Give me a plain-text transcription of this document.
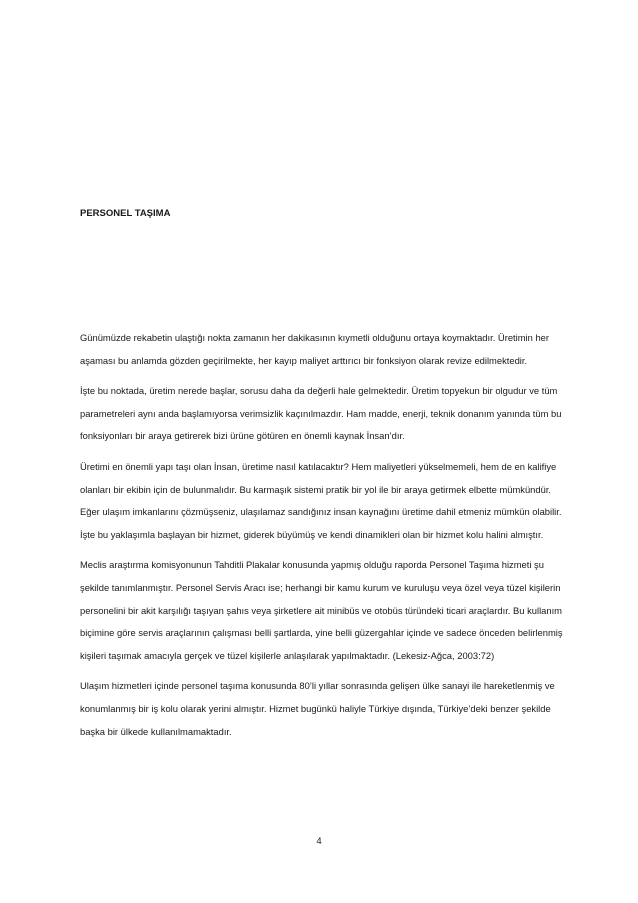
PERSONEL TAŞIMA

Günümüzde rekabetin ulaştığı nokta zamanın her dakikasının kıymetli olduğunu ortaya koymaktadır. Üretimin her aşaması bu anlamda gözden geçirilmekte, her kayıp maliyet arttırıcı bir fonksiyon olarak revize edilmektedir.

İşte bu noktada, üretim nerede başlar, sorusu daha da değerli hale gelmektedir. Üretim topyekun bir olgudur ve tüm parametreleri aynı anda başlamıyorsa verimsizlik kaçınılmazdır. Ham madde, enerji, teknik donanım yanında tüm bu fonksiyonları bir araya getirerek bizi ürüne götüren en önemli kaynak İnsan’dır.

Üretimi en önemli yapı taşı olan İnsan, üretime nasıl katılacaktır? Hem maliyetleri yükselmemeli, hem de en kalifiye olanları bir ekibin için de bulunmalıdır. Bu karmaşık sistemi pratik bir yol ile bir araya getirmek elbette mümkündür. Eğer ulaşım imkanlarını çözmüşseniz, ulaşılamaz sandığınız insan kaynağını üretime dahil etmeniz mümkün olabilir. İşte bu yaklaşımla başlayan bir hizmet, giderek büyümüş ve kendi dinamikleri olan bir hizmet kolu halini almıştır.

Meclis araştırma komisyonunun Tahditli Plakalar konusunda yapmış olduğu raporda Personel Taşıma hizmeti şu şekilde tanımlanmıştır. Personel Servis Aracı ise; herhangi bir kamu kurum ve kuruluşu veya özel veya tüzel kişilerin personelini bir akit karşılığı taşıyan şahıs veya şirketlere ait minibüs ve otobüs türündeki ticari araçlardır. Bu kullanım biçimine göre servis araçlarının çalışması belli şartlarda, yine belli güzergahlar içinde ve sadece önceden belirlenmiş kişileri taşımak amacıyla gerçek ve tüzel kişilerle anlaşılarak yapılmaktadır. (Lekesiz-Ağca, 2003:72)

Ulaşım hizmetleri içinde personel taşıma konusunda 80’li yıllar sonrasında gelişen ülke sanayi ile hareketlenmiş ve konumlanmış bir iş kolu olarak yerini almıştır. Hizmet bugünkü haliyle Türkiye dışında, Türkiye’deki benzer şekilde başka bir ülkede kullanılmamaktadır.

4
